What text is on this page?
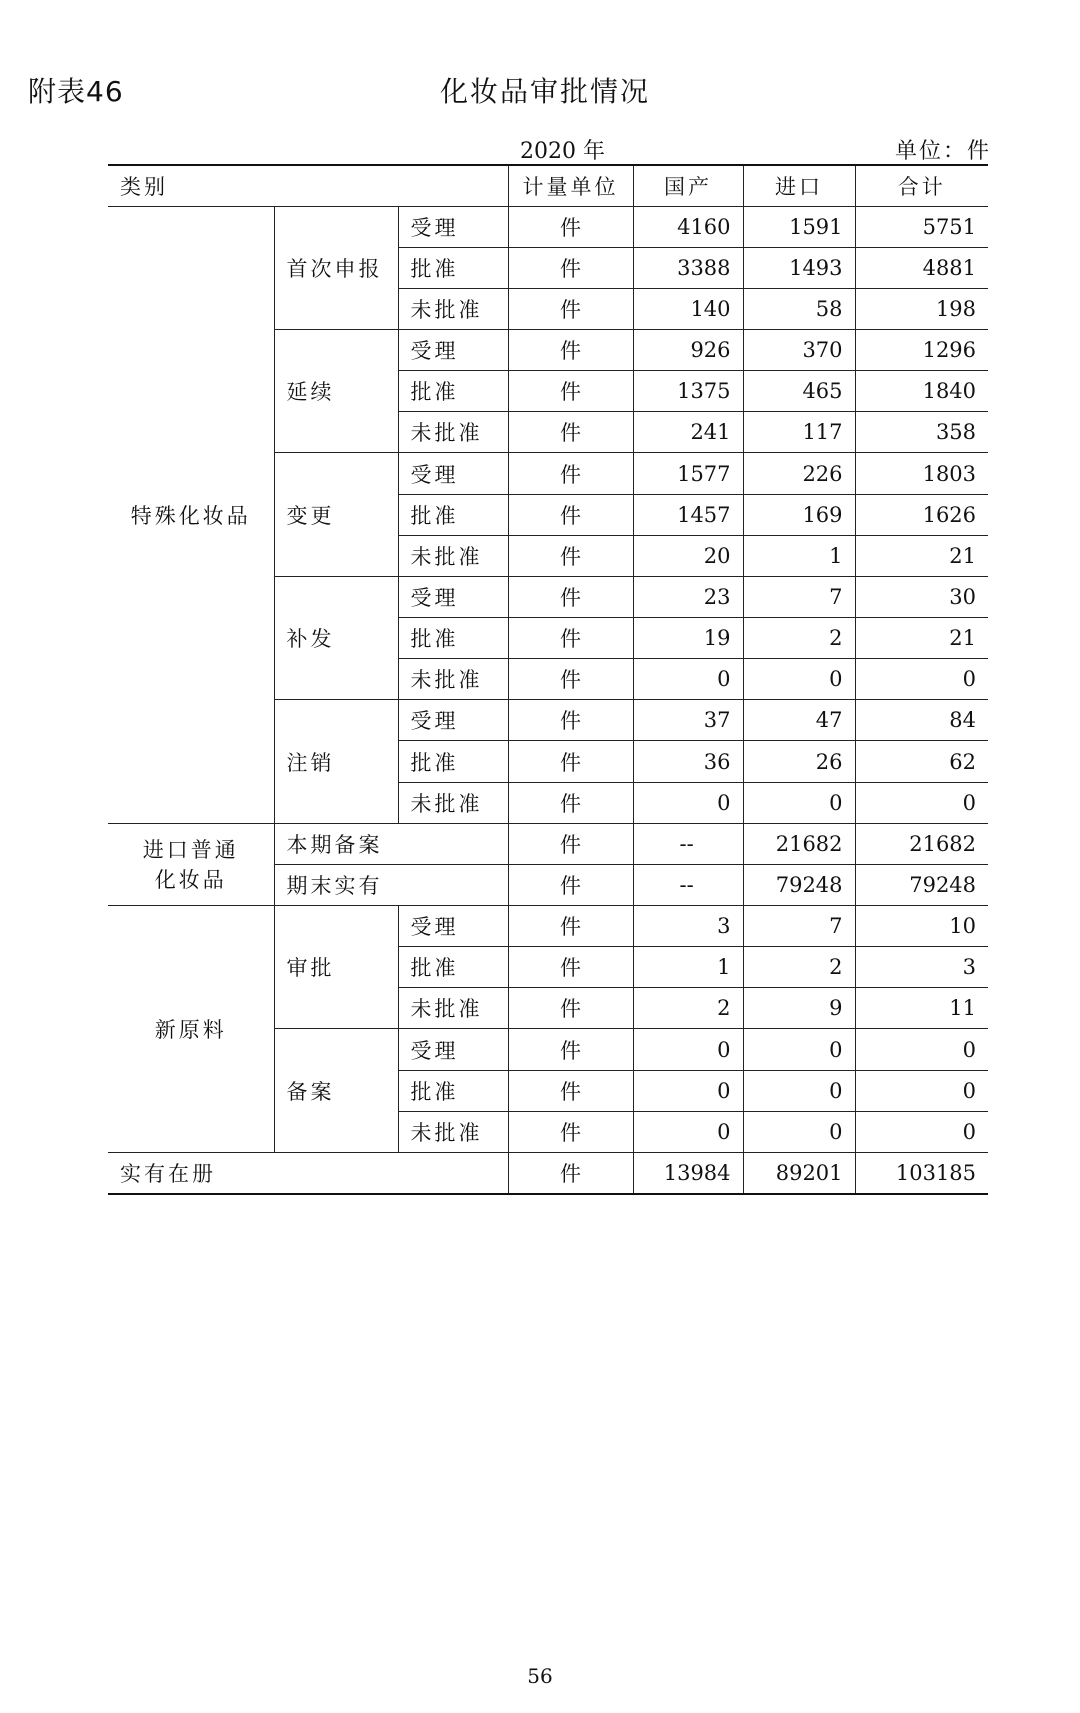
附表46	化妆品审批情况
2020 年	单位：件
类别			计量单位	国产	进口	合计
特殊化妆品	首次申报	受理	件	4160	1591	5751
		批准	件	3388	1493	4881
		未批准	件	140	58	198
	延续	受理	件	926	370	1296
		批准	件	1375	465	1840
		未批准	件	241	117	358
	变更	受理	件	1577	226	1803
		批准	件	1457	169	1626
		未批准	件	20	1	21
	补发	受理	件	23	7	30
		批准	件	19	2	21
		未批准	件	0	0	0
	注销	受理	件	37	47	84
		批准	件	36	26	62
		未批准	件	0	0	0

进口普通
化妆品	本期备案		件	--	21682	21682
	期末实有		件	--	79248	79248
新原料	审批	受理	件	3	7	10
		批准	件	1	2	3
		未批准	件	2	9	11
	备案	受理	件	0	0	0
		批准	件	0	0	0
		未批准	件	0	0	0
实有在册			件	13984	89201	103185
56
